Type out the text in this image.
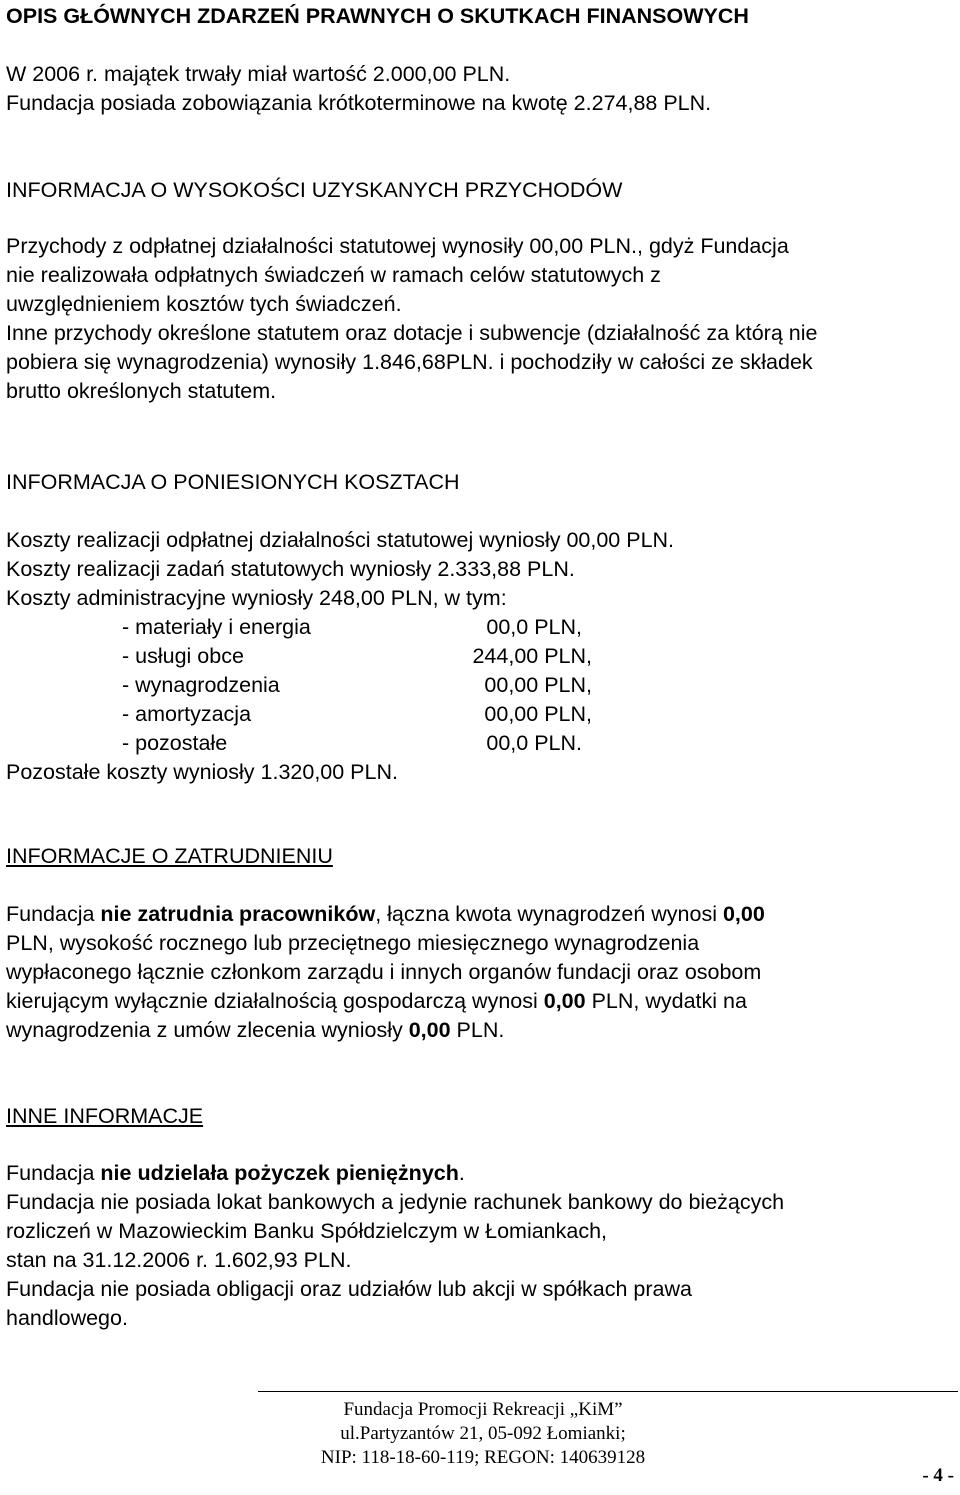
OPIS GŁÓWNYCH ZDARZEŃ PRAWNYCH O SKUTKACH FINANSOWYCH
W 2006 r. majątek trwały miał wartość 2.000,00 PLN.
Fundacja posiada zobowiązania krótkoterminowe na kwotę 2.274,88 PLN.
INFORMACJA O WYSOKOŚCI UZYSKANYCH PRZYCHODÓW
Przychody z odpłatnej działalności statutowej wynosiły 00,00 PLN., gdyż Fundacja
nie realizowała odpłatnych świadczeń w ramach celów statutowych z
uwzględnieniem kosztów tych świadczeń.
Inne przychody określone statutem oraz dotacje i subwencje (działalność za którą nie
pobiera się wynagrodzenia) wynosiły 1.846,68PLN. i pochodziły w całości ze składek
brutto określonych statutem.
INFORMACJA O PONIESIONYCH KOSZTACH
Koszty realizacji odpłatnej działalności statutowej wyniosły 00,00 PLN.
Koszty realizacji zadań statutowych wyniosły 2.333,88 PLN.
Koszty administracyjne wyniosły 248,00 PLN, w tym:
- materiały i energia	00,0 PLN,
- usługi obce	244,00 PLN,
- wynagrodzenia	00,00 PLN,
- amortyzacja	00,00 PLN,
- pozostałe	00,0 PLN.
Pozostałe koszty wyniosły 1.320,00 PLN.
INFORMACJE O ZATRUDNIENIU
Fundacja nie zatrudnia pracowników, łączna kwota wynagrodzeń wynosi 0,00
PLN, wysokość rocznego lub przeciętnego miesięcznego wynagrodzenia
wypłaconego łącznie członkom zarządu i innych organów fundacji oraz osobom
kierującym wyłącznie działalnością gospodarczą wynosi 0,00 PLN, wydatki na
wynagrodzenia z umów zlecenia wyniosły 0,00 PLN.
INNE INFORMACJE
Fundacja nie udzielała pożyczek pieniężnych.
Fundacja nie posiada lokat bankowych a jedynie rachunek bankowy do bieżących
rozliczeń w Mazowieckim Banku Spółdzielczym w Łomiankach,
stan na 31.12.2006 r. 1.602,93 PLN.
Fundacja nie posiada obligacji oraz udziałów lub akcji w spółkach prawa
handlowego.
Fundacja Promocji Rekreacji „KiM”
ul.Partyzantów 21, 05-092 Łomianki;
NIP: 118-18-60-119; REGON: 140639128
- 4 -
